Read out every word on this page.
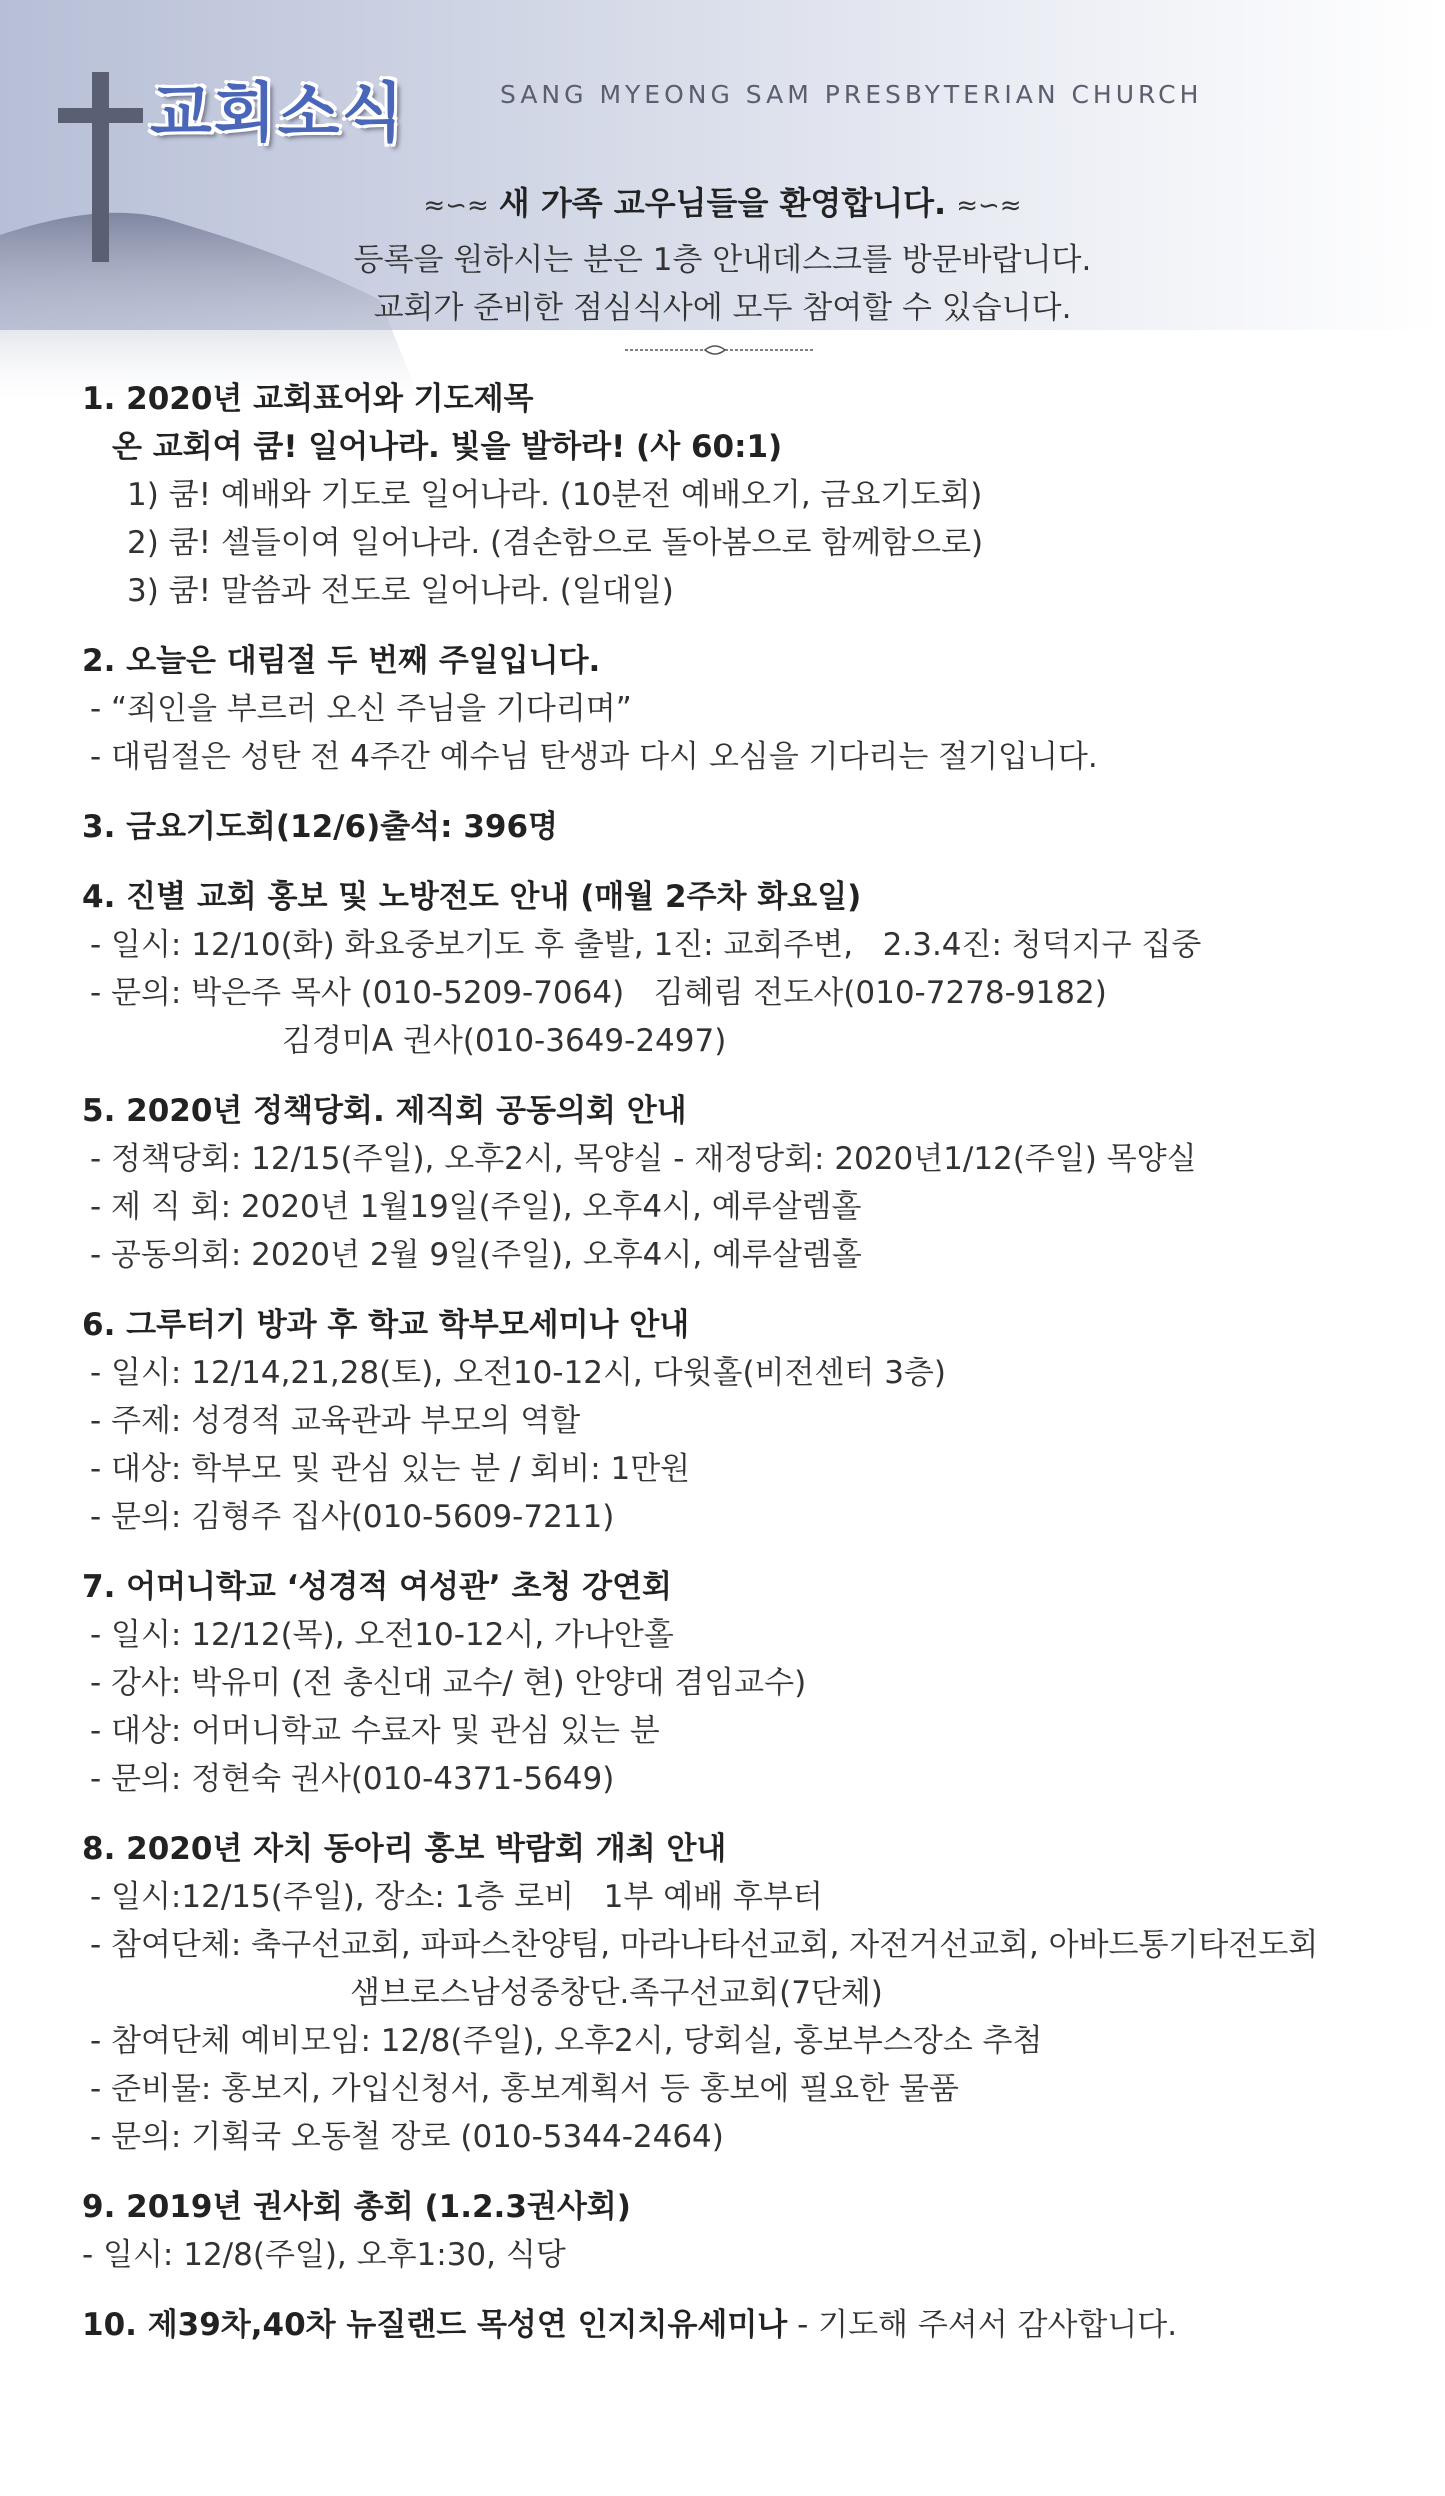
교회소식	SANG MYEONG SAM PRESBYTERIAN CHURCH
≈∽≈ 새 가족 교우님들을 환영합니다. ≈∽≈
등록을 원하시는 분은 1층 안내데스크를 방문바랍니다.
교회가 준비한 점심식사에 모두 참여할 수 있습니다.
1. 2020년 교회표어와 기도제목
온 교회여 쿰! 일어나라. 빛을 발하라! (사 60:1)
1) 쿰! 예배와 기도로 일어나라. (10분전 예배오기, 금요기도회)
2) 쿰! 셀들이여 일어나라. (겸손함으로 돌아봄으로 함께함으로)
3) 쿰! 말씀과 전도로 일어나라. (일대일)
2. 오늘은 대림절 두 번째 주일입니다.
- “죄인을 부르러 오신 주님을 기다리며”
- 대림절은 성탄 전 4주간 예수님 탄생과 다시 오심을 기다리는 절기입니다.
3. 금요기도회(12/6)출석: 396명
4. 진별 교회 홍보 및 노방전도 안내 (매월 2주차 화요일)
- 일시: 12/10(화) 화요중보기도 후 출발, 1진: 교회주변,   2.3.4진: 청덕지구 집중
- 문의: 박은주 목사 (010-5209-7064)   김혜림 전도사(010-7278-9182)
김경미A 권사(010-3649-2497)
5. 2020년 정책당회. 제직회 공동의회 안내
- 정책당회: 12/15(주일), 오후2시, 목양실 - 재정당회: 2020년1/12(주일) 목양실
- 제 직 회: 2020년 1월19일(주일), 오후4시, 예루살렘홀
- 공동의회: 2020년 2월 9일(주일), 오후4시, 예루살렘홀
6. 그루터기 방과 후 학교 학부모세미나 안내
- 일시: 12/14,21,28(토), 오전10-12시, 다윗홀(비전센터 3층)
- 주제: 성경적 교육관과 부모의 역할
- 대상: 학부모 및 관심 있는 분 / 회비: 1만원
- 문의: 김형주 집사(010-5609-7211)
7. 어머니학교 ‘성경적 여성관’ 초청 강연회
- 일시: 12/12(목), 오전10-12시, 가나안홀
- 강사: 박유미 (전 총신대 교수/ 현) 안양대 겸임교수)
- 대상: 어머니학교 수료자 및 관심 있는 분
- 문의: 정현숙 권사(010-4371-5649)
8. 2020년 자치 동아리 홍보 박람회 개최 안내
- 일시:12/15(주일), 장소: 1층 로비   1부 예배 후부터
- 참여단체: 축구선교회, 파파스찬양팀, 마라나타선교회, 자전거선교회, 아바드통기타전도회
샘브로스남성중창단.족구선교회(7단체)
- 참여단체 예비모임: 12/8(주일), 오후2시, 당회실, 홍보부스장소 추첨
- 준비물: 홍보지, 가입신청서, 홍보계획서 등 홍보에 필요한 물품
- 문의: 기획국 오동철 장로 (010-5344-2464)
9. 2019년 권사회 총회 (1.2.3권사회)
- 일시: 12/8(주일), 오후1:30, 식당
10. 제39차,40차 뉴질랜드 목성연 인지치유세미나 - 기도해 주셔서 감사합니다.
